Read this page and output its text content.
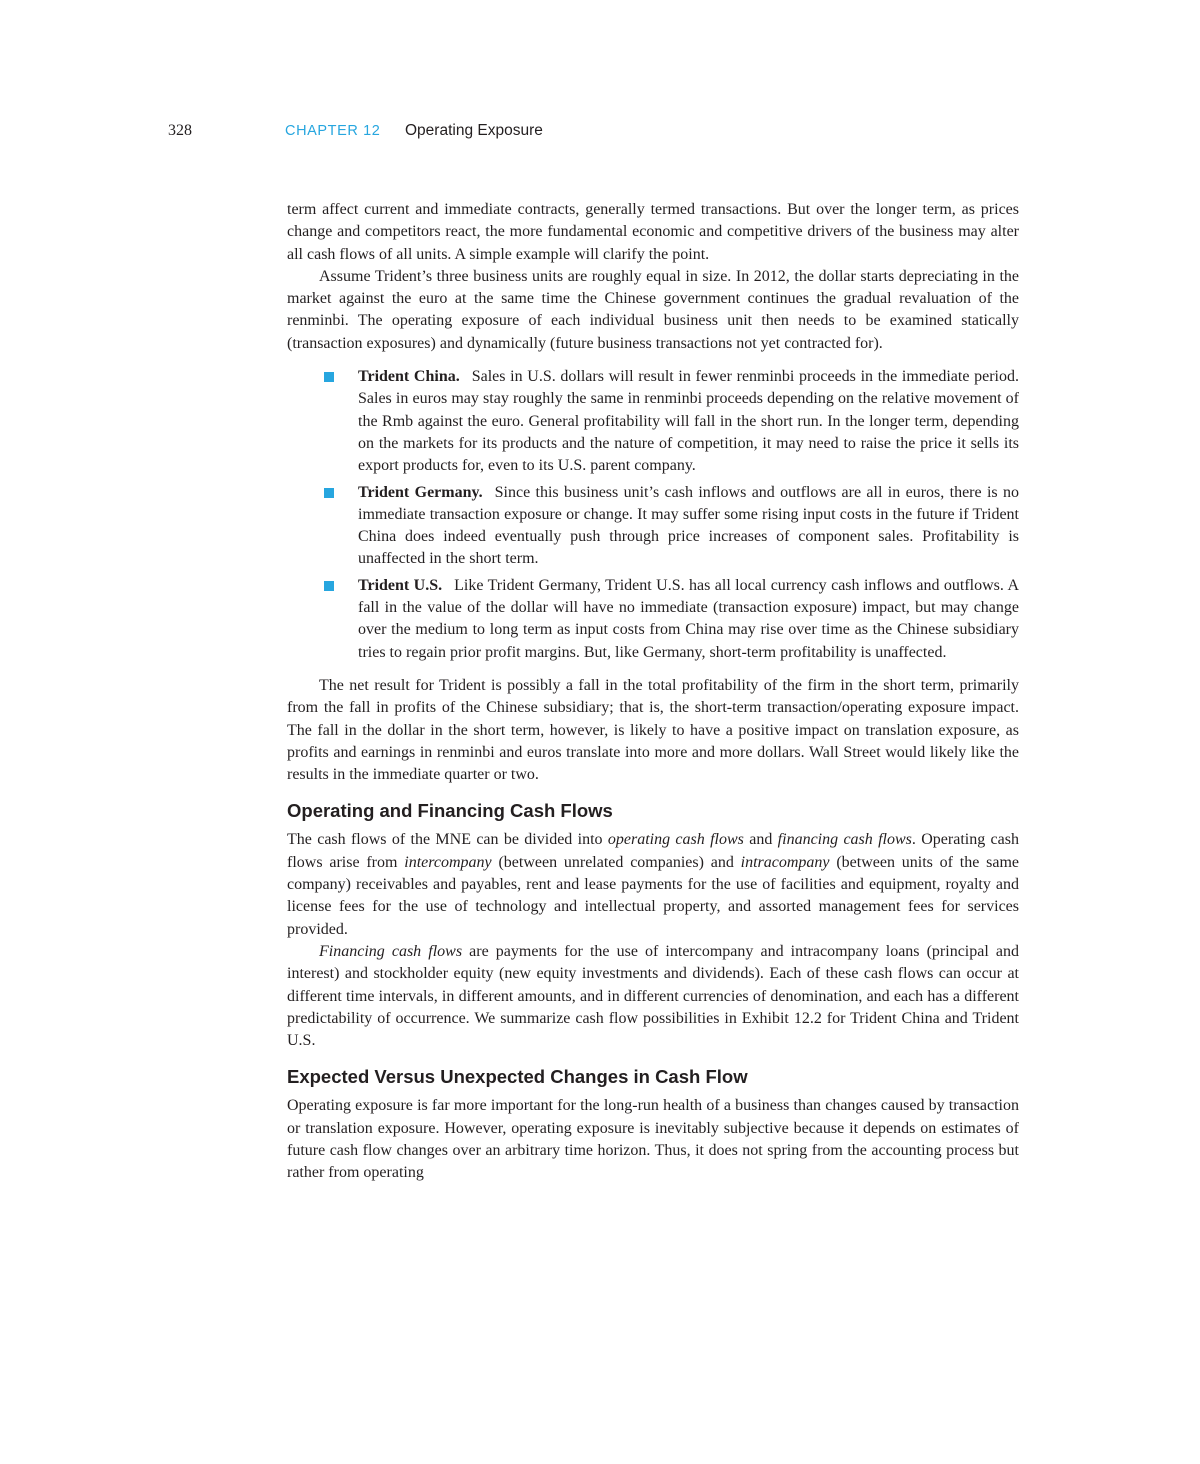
328	CHAPTER 12 Operating Exposure

term affect current and immediate contracts, generally termed transactions. But over the longer term, as prices change and competitors react, the more fundamental economic and competitive drivers of the business may alter all cash flows of all units. A simple example will clarify the point.

Assume Trident’s three business units are roughly equal in size. In 2012, the dollar starts depreciating in the market against the euro at the same time the Chinese government continues the gradual revaluation of the renminbi. The operating exposure of each individual business unit then needs to be examined statically (transaction exposures) and dynamically (future business transactions not yet contracted for).

Trident China. Sales in U.S. dollars will result in fewer renminbi proceeds in the immediate period. Sales in euros may stay roughly the same in renminbi proceeds depending on the relative movement of the Rmb against the euro. General profitability will fall in the short run. In the longer term, depending on the markets for its products and the nature of competition, it may need to raise the price it sells its export products for, even to its U.S. parent company.
Trident Germany. Since this business unit’s cash inflows and outflows are all in euros, there is no immediate transaction exposure or change. It may suffer some rising input costs in the future if Trident China does indeed eventually push through price increases of component sales. Profitability is unaffected in the short term.
Trident U.S. Like Trident Germany, Trident U.S. has all local currency cash inflows and outflows. A fall in the value of the dollar will have no immediate (transaction exposure) impact, but may change over the medium to long term as input costs from China may rise over time as the Chinese subsidiary tries to regain prior profit margins. But, like Germany, short-term profitability is unaffected.

The net result for Trident is possibly a fall in the total profitability of the firm in the short term, primarily from the fall in profits of the Chinese subsidiary; that is, the short-term transaction/operating exposure impact. The fall in the dollar in the short term, however, is likely to have a positive impact on translation exposure, as profits and earnings in renminbi and euros translate into more and more dollars. Wall Street would likely like the results in the immediate quarter or two.

Operating and Financing Cash Flows

The cash flows of the MNE can be divided into operating cash flows and financing cash flows. Operating cash flows arise from intercompany (between unrelated companies) and intracompany (between units of the same company) receivables and payables, rent and lease payments for the use of facilities and equipment, royalty and license fees for the use of technology and intellectual property, and assorted management fees for services provided.

Financing cash flows are payments for the use of intercompany and intracompany loans (principal and interest) and stockholder equity (new equity investments and dividends). Each of these cash flows can occur at different time intervals, in different amounts, and in different currencies of denomination, and each has a different predictability of occurrence. We summarize cash flow possibilities in Exhibit 12.2 for Trident China and Trident U.S.

Expected Versus Unexpected Changes in Cash Flow

Operating exposure is far more important for the long-run health of a business than changes caused by transaction or translation exposure. However, operating exposure is inevitably subjective because it depends on estimates of future cash flow changes over an arbitrary time horizon. Thus, it does not spring from the accounting process but rather from operating
